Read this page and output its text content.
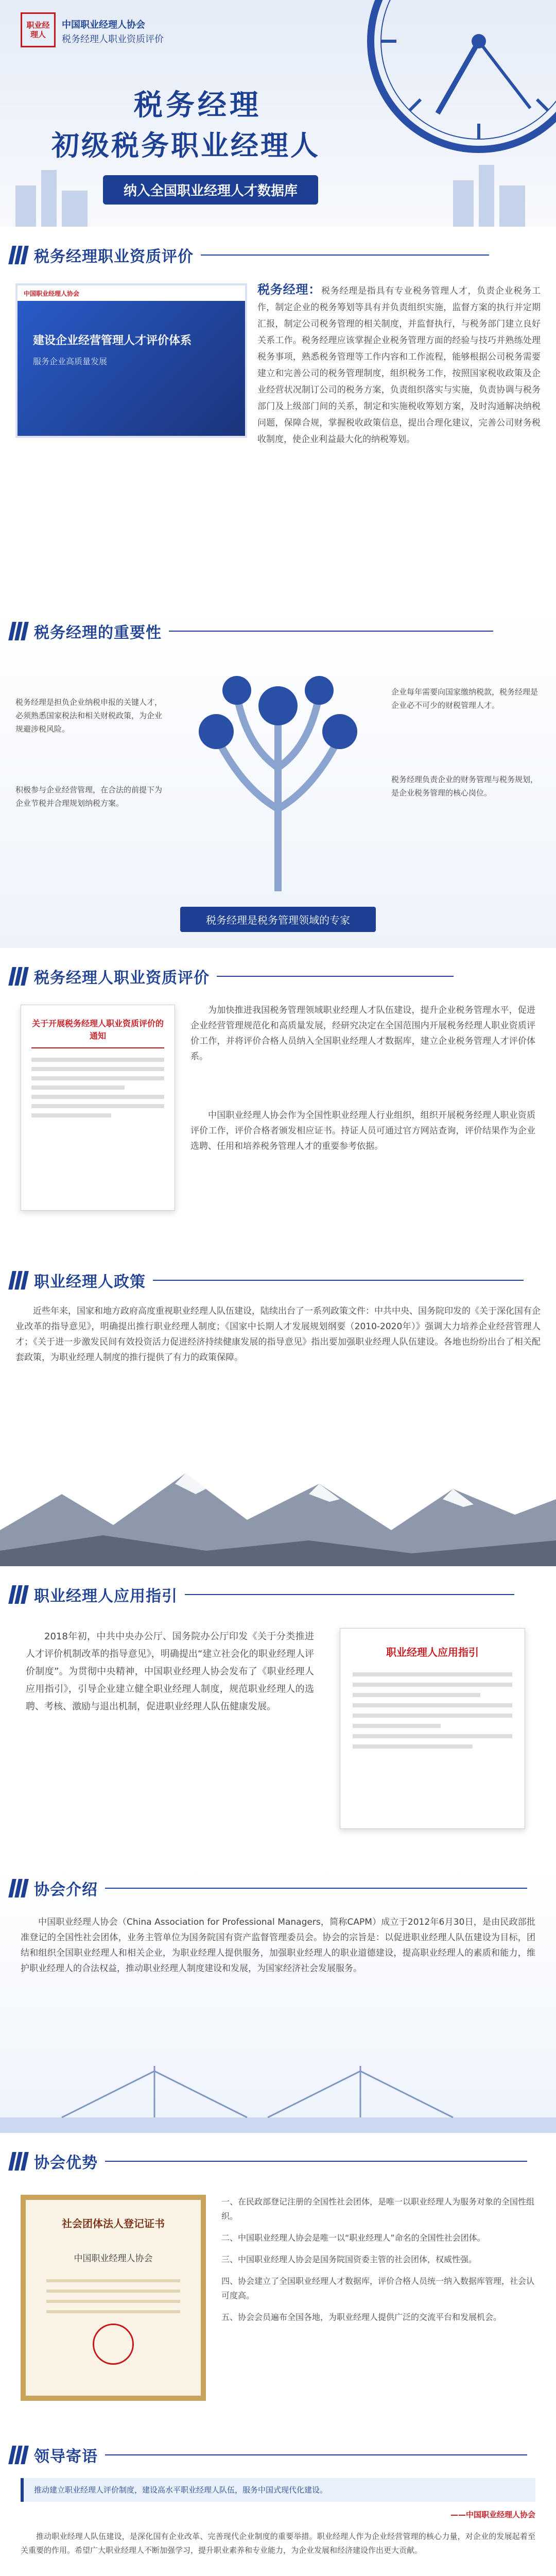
职业经理人
中国职业经理人协会
税务经理人职业资质评价
税务经理
初级税务职业经理人
纳入全国职业经理人才数据库
税务经理职业资质评价
中国职业经理人协会
建设企业经营管理人才评价体系
服务企业高质量发展
税务经理：税务经理是指具有专业税务管理人才，负责企业税务工作，制定企业的税务筹划等具有并负责组织实施，监督方案的执行并定期汇报，制定公司税务管理的相关制度，并监督执行，与税务部门建立良好关系工作。税务经理应该掌握企业税务管理方面的经验与技巧并熟练处理税务事项，熟悉税务管理等工作内容和工作流程，能够根据公司税务需要建立和完善公司的税务管理制度，组织税务工作，按照国家税收政策及企业经营状况制订公司的税务方案，负责组织落实与实施，负责协调与税务部门及上级部门间的关系，制定和实施税收筹划方案，及时沟通解决纳税问题，保障合规，掌握税收政策信息，提出合理化建议，完善公司财务税收制度，使企业利益最大化的纳税筹划。
税务经理的重要性
税务经理是担负企业纳税申报的关键人才，必须熟悉国家税法和相关财税政策，为企业规避涉税风险。
积极参与企业经营管理，在合法的前提下为企业节税并合理规划纳税方案。
企业每年需要向国家缴纳税款，税务经理是企业必不可少的财税管理人才。
税务经理负责企业的财务管理与税务规划，是企业税务管理的核心岗位。
税务经理是税务管理领域的专家
税务经理人职业资质评价
关于开展税务经理人职业资质评价的通知
为加快推进我国税务管理领域职业经理人才队伍建设，提升企业税务管理水平，促进企业经营管理规范化和高质量发展，经研究决定在全国范围内开展税务经理人职业资质评价工作，并将评价合格人员纳入全国职业经理人才数据库，建立企业税务管理人才评价体系。
中国职业经理人协会作为全国性职业经理人行业组织，组织开展税务经理人职业资质评价工作，评价合格者颁发相应证书。持证人员可通过官方网站查询，评价结果作为企业选聘、任用和培养税务管理人才的重要参考依据。
职业经理人政策
近些年来，国家和地方政府高度重视职业经理人队伍建设，陆续出台了一系列政策文件：中共中央、国务院印发的《关于深化国有企业改革的指导意见》，明确提出推行职业经理人制度；《国家中长期人才发展规划纲要（2010-2020年）》强调大力培养企业经营管理人才；《关于进一步激发民间有效投资活力促进经济持续健康发展的指导意见》指出要加强职业经理人队伍建设。各地也纷纷出台了相关配套政策，为职业经理人制度的推行提供了有力的政策保障。
职业经理人应用指引
2018年初，中共中央办公厅、国务院办公厅印发《关于分类推进人才评价机制改革的指导意见》，明确提出“建立社会化的职业经理人评价制度”。为贯彻中央精神，中国职业经理人协会发布了《职业经理人应用指引》，引导企业建立健全职业经理人制度，规范职业经理人的选聘、考核、激励与退出机制，促进职业经理人队伍健康发展。
职业经理人应用指引
协会介绍
中国职业经理人协会（China Association for Professional Managers，简称CAPM）成立于2012年6月30日，是由民政部批准登记的全国性社会团体，业务主管单位为国务院国有资产监督管理委员会。协会的宗旨是：以促进职业经理人队伍建设为目标，团结和组织全国职业经理人和相关企业，为职业经理人提供服务，加强职业经理人的职业道德建设，提高职业经理人的素质和能力，维护职业经理人的合法权益，推动职业经理人制度建设和发展，为国家经济社会发展服务。
协会优势
社会团体法人登记证书
中国职业经理人协会
一、在民政部登记注册的全国性社会团体，是唯一以职业经理人为服务对象的全国性组织。
二、中国职业经理人协会是唯一以“职业经理人”命名的全国性社会团体。
三、中国职业经理人协会是国务院国资委主管的社会团体，权威性强。
四、协会建立了全国职业经理人才数据库，评价合格人员统一纳入数据库管理，社会认可度高。
五、协会会员遍布全国各地，为职业经理人提供广泛的交流平台和发展机会。
领导寄语
推动建立职业经理人评价制度，建设高水平职业经理人队伍，服务中国式现代化建设。
——中国职业经理人协会
推动职业经理人队伍建设，是深化国有企业改革、完善现代企业制度的重要举措。职业经理人作为企业经营管理的核心力量，对企业的发展起着至关重要的作用。希望广大职业经理人不断加强学习，提升职业素养和专业能力，为企业发展和经济建设作出更大贡献。
